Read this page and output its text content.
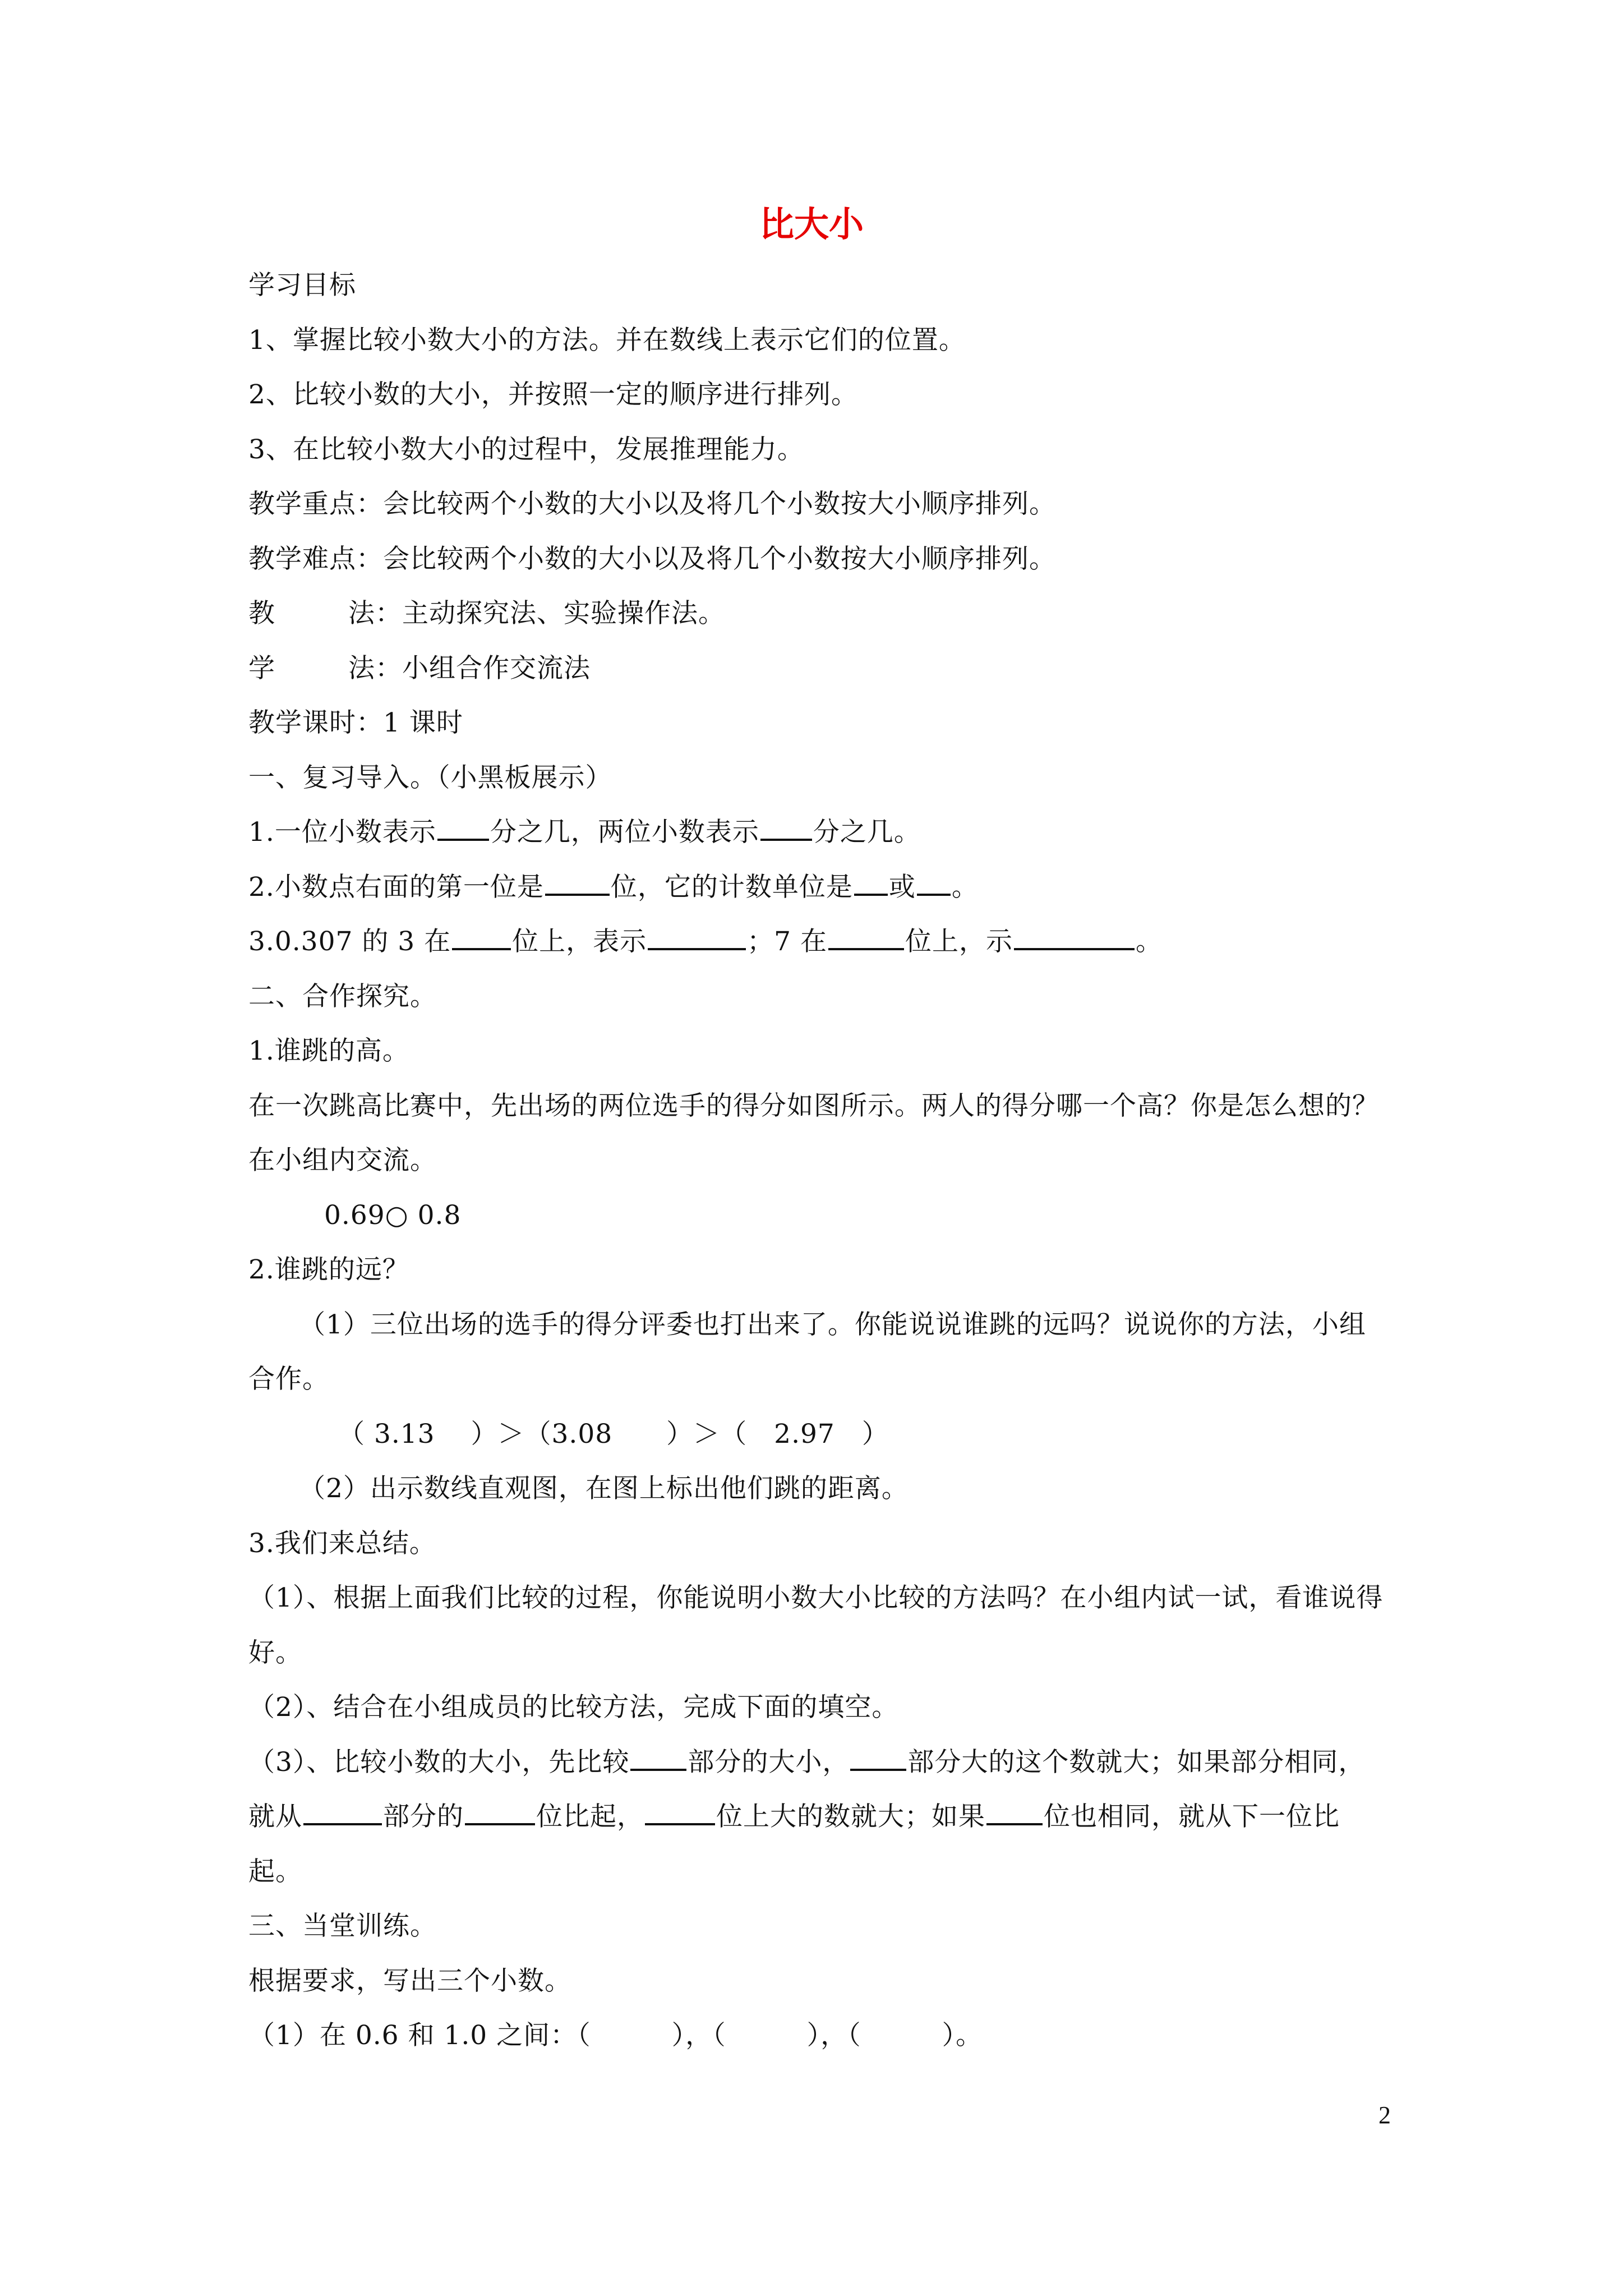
比大小

学习目标

1、掌握比较小数大小的方法。并在数线上表示它们的位置。

2、比较小数的大小，并按照一定的顺序进行排列。

3、在比较小数大小的过程中，发展推理能力。

教学重点：会比较两个小数的大小以及将几个小数按大小顺序排列。

教学难点：会比较两个小数的大小以及将几个小数按大小顺序排列。

教	法：主动探究法、实验操作法。

学	法：小组合作交流法

教学课时：1 课时

一、复习导入。（小黑板展示）

1.一位小数表示 分之几，两位小数表示 分之几。

2.小数点右面的第一位是	位，它的计数单位是 或 。

3.0.307 的 3 在 位上，表示	；7 在	位上，示	。

二、合作探究。

1.谁跳的高。

在一次跳高比赛中，先出场的两位选手的得分如图所示。两人的得分哪一个高？你是怎么想的？在小组内交流。

0.69○ 0.8

2.谁跳的远？

（1）三位出场的选手的得分评委也打出来了。你能说说谁跳的远吗？说说你的方法，小组合作。

（ 3.13　 ）＞（3.08　　）＞（　2.97　）

（2）出示数线直观图，在图上标出他们跳的距离。

3.我们来总结。

（1）、根据上面我们比较的过程，你能说明小数大小比较的方法吗？在小组内试一试，看谁说得好。

（2）、结合在小组成员的比较方法，完成下面的填空。

（3）、比较小数的大小，先比较 部分的大小， 部分大的这个数就大；如果部分相同，就从	部分的	位比起，	位上大的数就大；如果 位也相同，就从下一位比起。

三、当堂训练。

根据要求，写出三个小数。

（1）在 0.6 和 1.0 之间：（　　　），（　　　），（　　　）。

2
